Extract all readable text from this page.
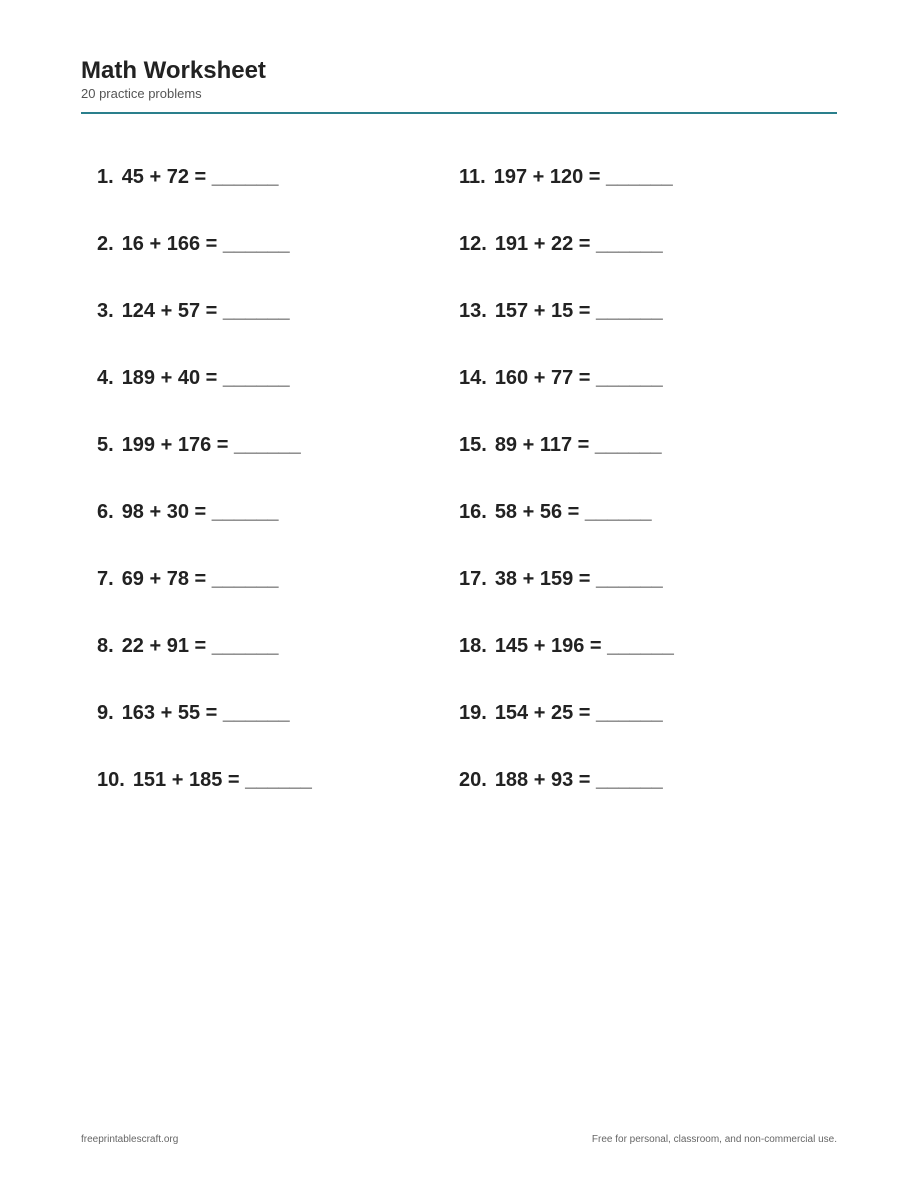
Math Worksheet
20 practice problems
1. 45 + 72 = ______
2. 16 + 166 = ______
3. 124 + 57 = ______
4. 189 + 40 = ______
5. 199 + 176 = ______
6. 98 + 30 = ______
7. 69 + 78 = ______
8. 22 + 91 = ______
9. 163 + 55 = ______
10. 151 + 185 = ______
11. 197 + 120 = ______
12. 191 + 22 = ______
13. 157 + 15 = ______
14. 160 + 77 = ______
15. 89 + 117 = ______
16. 58 + 56 = ______
17. 38 + 159 = ______
18. 145 + 196 = ______
19. 154 + 25 = ______
20. 188 + 93 = ______
freeprintablescraft.org	Free for personal, classroom, and non-commercial use.
